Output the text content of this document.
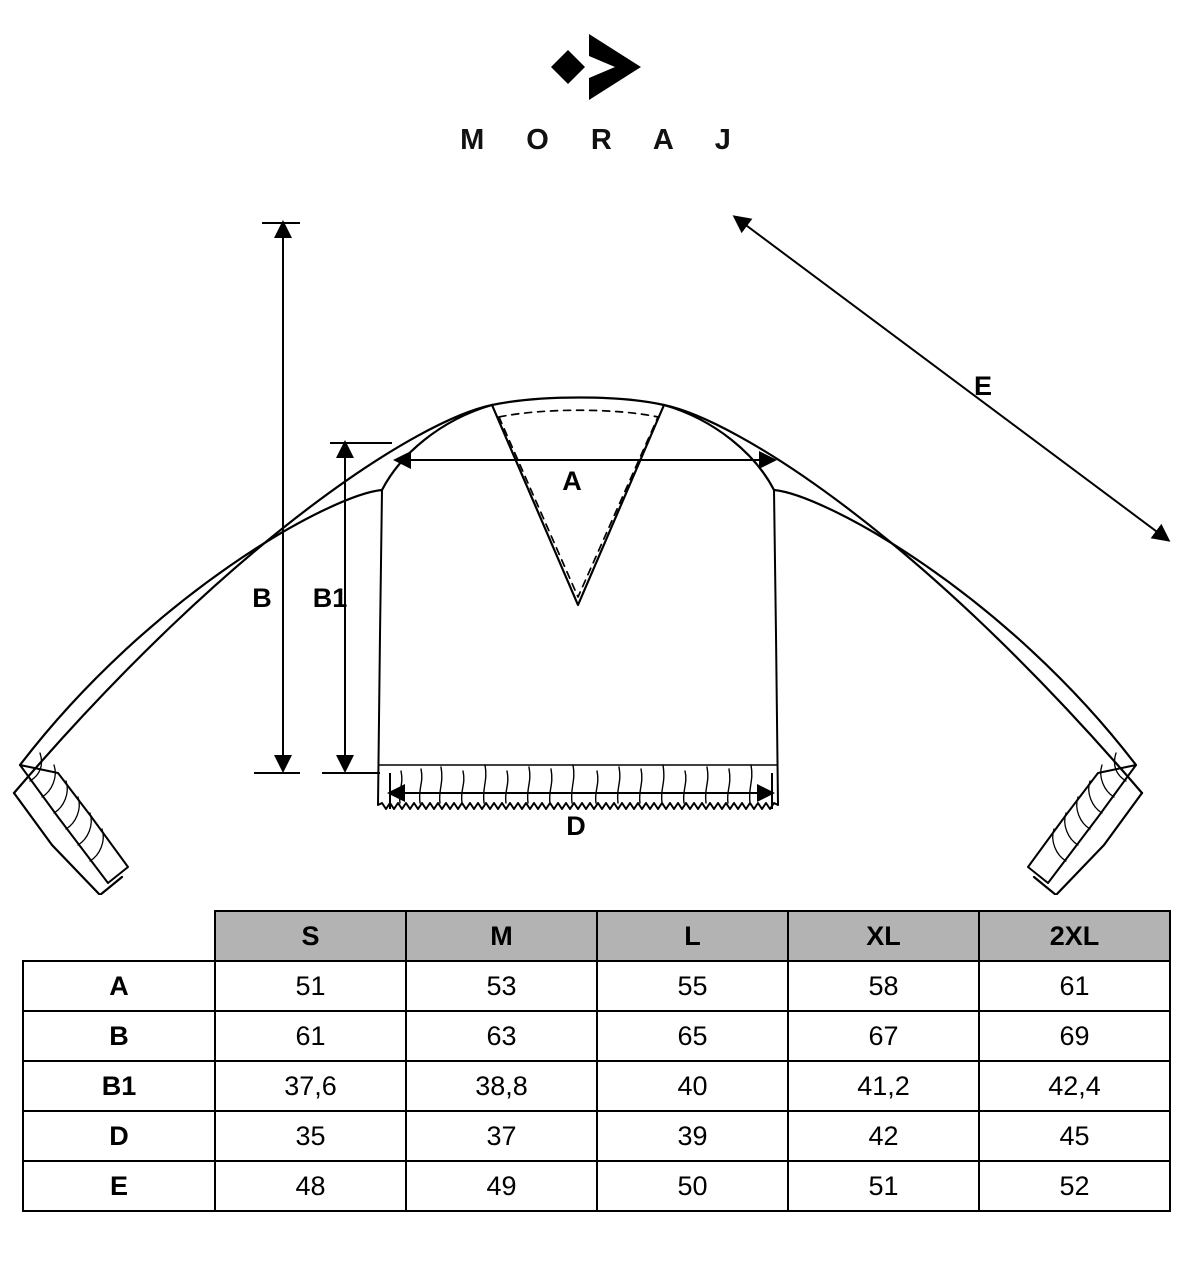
M O R A J
A
B B1
D
E
	S	M	L	XL	2XL
A	51	53	55	58	61
B	61	63	65	67	69
B1	37,6	38,8	40	41,2	42,4
D	35	37	39	42	45
E	48	49	50	51	52
